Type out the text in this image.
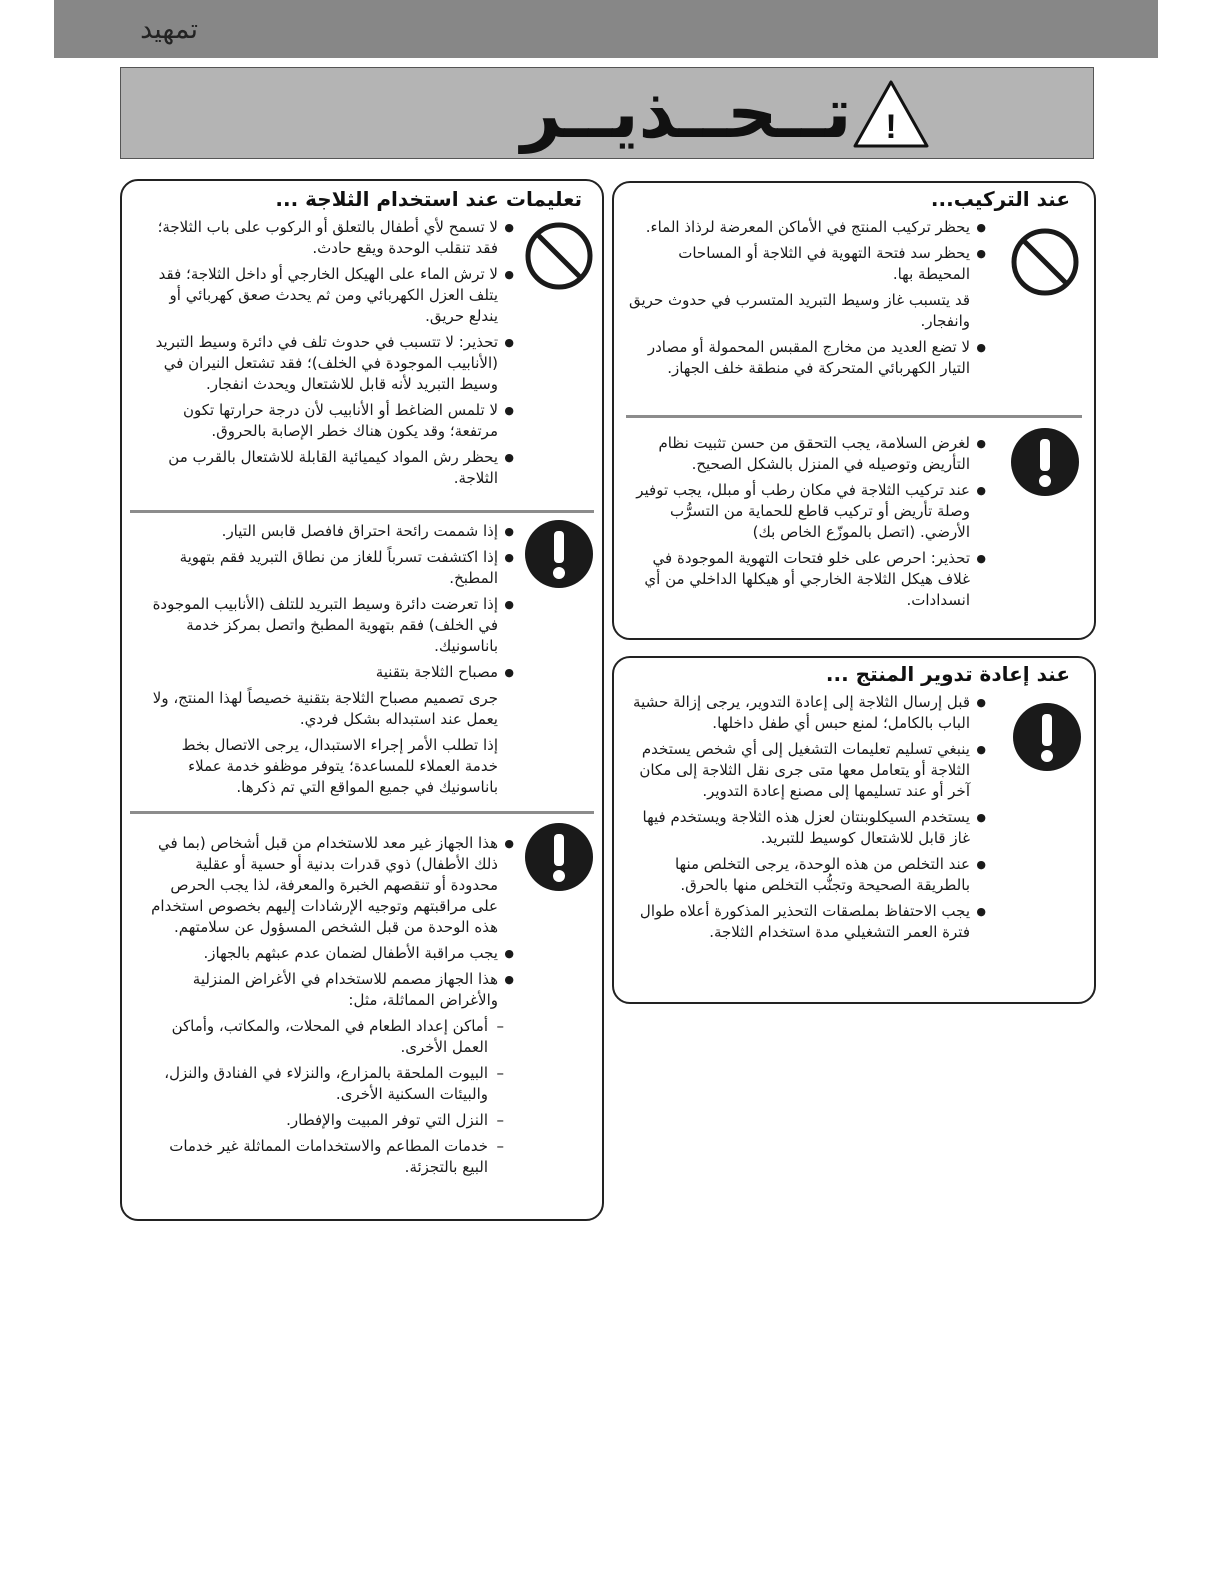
تمهيد
تــحــذيــر !
تعليمات عند استخدام الثلاجة ...
● لا تسمح لأي أطفال بالتعلق أو الركوب على باب الثلاجة؛ فقد تنقلب الوحدة ويقع حادث.
● لا ترش الماء على الهيكل الخارجي أو داخل الثلاجة؛ فقد يتلف العزل الكهربائي ومن ثم يحدث صعق كهربائي أو يندلع حريق.
● تحذير: لا تتسبب في حدوث تلف في دائرة وسيط التبريد (الأنابيب الموجودة في الخلف)؛ فقد تشتعل النيران في وسيط التبريد لأنه قابل للاشتعال ويحدث انفجار.
● لا تلمس الضاغط أو الأنابيب لأن درجة حرارتها تكون مرتفعة؛ وقد يكون هناك خطر الإصابة بالحروق.
● يحظر رش المواد كيميائية القابلة للاشتعال بالقرب من الثلاجة.
● إذا شممت رائحة احتراق فافصل قابس التيار.
● إذا اكتشفت تسرباً للغاز من نطاق التبريد فقم بتهوية المطبخ.
● إذا تعرضت دائرة وسيط التبريد للتلف (الأنابيب الموجودة في الخلف) فقم بتهوية المطبخ واتصل بمركز خدمة باناسونيك.
● مصباح الثلاجة بتقنية
جرى تصميم مصباح الثلاجة بتقنية خصيصاً لهذا المنتج، ولا يعمل عند استبداله بشكل فردي.
إذا تطلب الأمر إجراء الاستبدال، يرجى الاتصال بخط خدمة العملاء للمساعدة؛ يتوفر موظفو خدمة عملاء باناسونيك في جميع المواقع التي تم ذكرها.
● هذا الجهاز غير معد للاستخدام من قبل أشخاص (بما في ذلك الأطفال) ذوي قدرات بدنية أو حسية أو عقلية محدودة أو تنقصهم الخبرة والمعرفة، لذا يجب الحرص على مراقبتهم وتوجيه الإرشادات إليهم بخصوص استخدام هذه الوحدة من قبل الشخص المسؤول عن سلامتهم.
● يجب مراقبة الأطفال لضمان عدم عبثهم بالجهاز.
● هذا الجهاز مصمم للاستخدام في الأغراض المنزلية والأغراض المماثلة، مثل:
– أماكن إعداد الطعام في المحلات، والمكاتب، وأماكن العمل الأخرى.
– البيوت الملحقة بالمزارع، والنزلاء في الفنادق والنزل، والبيئات السكنية الأخرى.
– النزل التي توفر المبيت والإفطار.
– خدمات المطاعم والاستخدامات المماثلة غير خدمات البيع بالتجزئة.
عند التركيب...
● يحظر تركيب المنتج في الأماكن المعرضة لرذاذ الماء.
● يحظر سد فتحة التهوية في الثلاجة أو المساحات المحيطة بها.
قد يتسبب غاز وسيط التبريد المتسرب في حدوث حريق وانفجار.
● لا تضع العديد من مخارج المقبس المحمولة أو مصادر التيار الكهربائي المتحركة في منطقة خلف الجهاز.
● لغرض السلامة، يجب التحقق من حسن تثبيت نظام التأريض وتوصيله في المنزل بالشكل الصحيح.
● عند تركيب الثلاجة في مكان رطب أو مبلل، يجب توفير وصلة تأريض أو تركيب قاطع للحماية من التسرُّب الأرضي. (اتصل بالموزّع الخاص بك)
● تحذير: احرص على خلو فتحات التهوية الموجودة في غلاف هيكل الثلاجة الخارجي أو هيكلها الداخلي من أي انسدادات.
عند إعادة تدوير المنتج ...
● قبل إرسال الثلاجة إلى إعادة التدوير، يرجى إزالة حشية الباب بالكامل؛ لمنع حبس أي طفل داخلها.
● ينبغي تسليم تعليمات التشغيل إلى أي شخص يستخدم الثلاجة أو يتعامل معها متى جرى نقل الثلاجة إلى مكان آخر أو عند تسليمها إلى مصنع إعادة التدوير.
● يستخدم السيكلوبنتان لعزل هذه الثلاجة ويستخدم فيها غاز قابل للاشتعال كوسيط للتبريد.
● عند التخلص من هذه الوحدة، يرجى التخلص منها بالطريقة الصحيحة وتجنُّب التخلص منها بالحرق.
● يجب الاحتفاظ بملصقات التحذير المذكورة أعلاه طوال فترة العمر التشغيلي مدة استخدام الثلاجة.
